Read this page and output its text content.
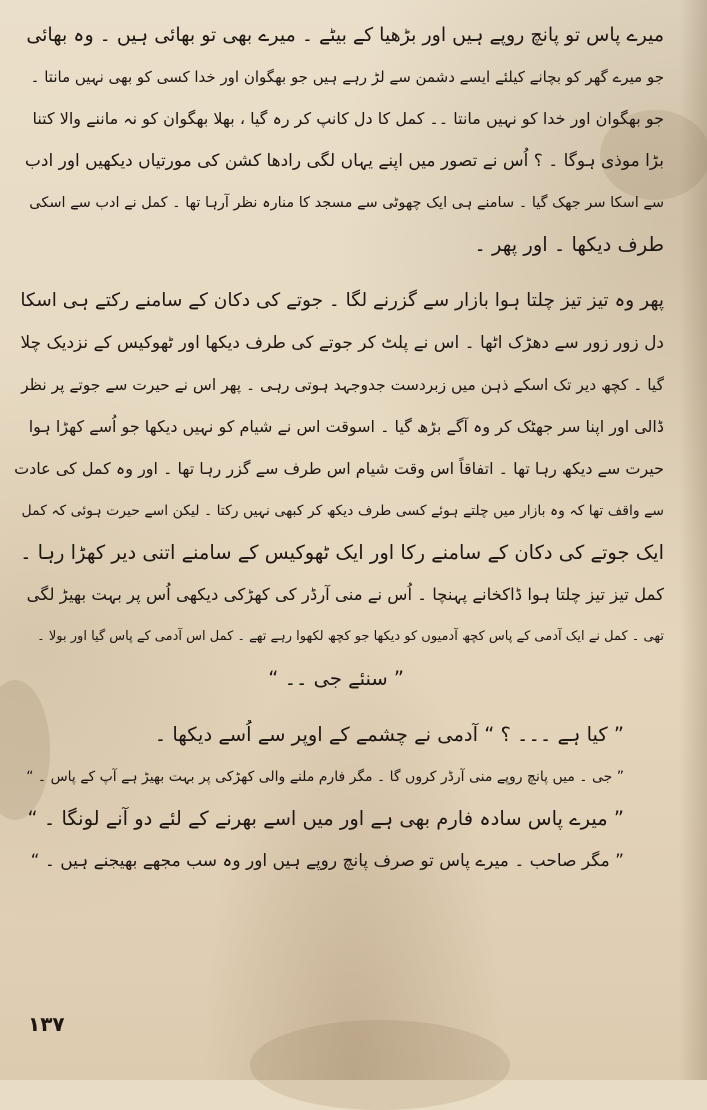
میرے پاس تو پانچ روپے ہیں اور بڑھیا کے بیٹے ۔ میرے بھی تو بھائی ہیں ۔ وہ بھائی
جو میرے گھر کو بچانے کیلئے ایسے دشمن سے لڑ رہے ہیں جو بھگوان اور خدا کسی کو بھی نہیں مانتا ۔
جو بھگوان اور خدا کو نہیں مانتا ۔۔ کمل کا دل کانپ کر رہ گیا ، بھلا بھگوان کو نہ ماننے والا کتنا
بڑا موذی ہوگا ۔ ؟ اُس نے تصور میں اپنے یہاں لگی رادھا کشن کی مورتیاں دیکھیں اور ادب
سے اسکا سر جھک گیا ۔ سامنے ہی ایک چھوٹی سے مسجد کا منارہ نظر آرہا تھا ۔ کمل نے ادب سے اسکی
طرف دیکھا ۔ اور پھر ۔
پھر وہ تیز تیز چلتا ہوا بازار سے گزرنے لگا ۔ جوتے کی دکان کے سامنے رکتے ہی اسکا
دل زور زور سے دھڑک اٹھا ۔ اس نے پلٹ کر جوتے کی طرف دیکھا اور ٹھوکیس کے نزدیک چلا
گیا ۔ کچھ دیر تک اسکے ذہن میں زبردست جدوجہد ہوتی رہی ۔ پھر اس نے حیرت سے جوتے پر نظر
ڈالی اور اپنا سر جھٹک کر وہ آگے بڑھ گیا ۔ اسوقت اس نے شیام کو نہیں دیکھا جو اُسے کھڑا ہوا
حیرت سے دیکھ رہا تھا ۔ اتفاقاً اس وقت شیام اس طرف سے گزر رہا تھا ۔ اور وہ کمل کی عادت
سے واقف تھا کہ وہ بازار میں چلتے ہوئے کسی طرف دیکھ کر کبھی نہیں رکتا ۔ لیکن اسے حیرت ہوئی کہ کمل
ایک جوتے کی دکان کے سامنے رکا اور ایک ٹھوکیس کے سامنے اتنی دیر کھڑا رہا ۔
کمل تیز تیز چلتا ہوا ڈاکخانے پہنچا ۔ اُس نے منی آرڈر کی کھڑکی دیکھی اُس پر بہت بھیڑ لگی
تھی ۔ کمل نے ایک آدمی کے پاس کچھ آدمیوں کو دیکھا جو کچھ لکھوا رہے تھے ۔ کمل اس آدمی کے پاس گیا اور بولا ۔
” سنئے جی ۔۔ “
” کیا ہے ۔۔۔ ؟ “ آدمی نے چشمے کے اوپر سے اُسے دیکھا ۔
” جی ۔ میں پانچ روپے منی آرڈر کروں گا ۔ مگر فارم ملنے والی کھڑکی پر بہت بھیڑ ہے آپ کے پاس ۔ “
” میرے پاس سادہ فارم بھی ہے اور میں اسے بھرنے کے لئے دو آنے لونگا ۔ “
” مگر صاحب ۔ میرے پاس تو صرف پانچ روپے ہیں اور وہ سب مجھے بھیجنے ہیں ۔ “
۱۳۷
